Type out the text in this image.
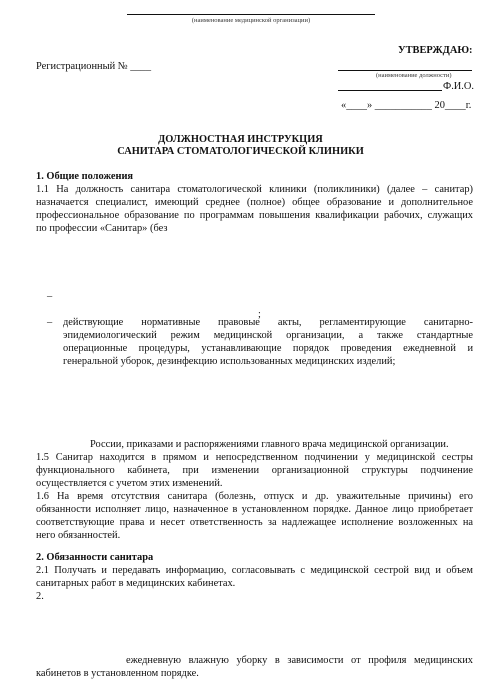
(наименование медицинской организации)
Регистрационный № ____
УТВЕРЖДАЮ:
(наименование должности)
Ф.И.О.
«____» ___________ 20____г.
ДОЛЖНОСТНАЯ ИНСТРУКЦИЯ
САНИТАРА СТОМАТОЛОГИЧЕСКОЙ КЛИНИКИ
1. Общие положения
1.1 На должность санитара стоматологической клиники (поликлиники) (далее – санитар)
назначается специалист, имеющий среднее (полное) общее образование и дополнительное
профессиональное образование по программам повышения квалификации рабочих, служащих
по профессии «Санитар» (без
–
;
– действующие нормативные правовые акты, регламентирующие санитарно-
эпидемиологический режим медицинской организации, а также стандартные
операционные процедуры, устанавливающие порядок проведения ежедневной и
генеральной уборок, дезинфекцию использованных медицинских изделий;
России, приказами и распоряжениями главного врача медицинской организации.
1.5 Санитар находится в прямом и непосредственном подчинении у медицинской сестры
функционального кабинета, при изменении организационной структуры подчинение
осуществляется с учетом этих изменений.
1.6 На время отсутствия санитара (болезнь, отпуск и др. уважительные причины) его
обязанности исполняет лицо, назначенное в установленном порядке. Данное лицо приобретает
соответствующие права и несет ответственность за надлежащее исполнение возложенных на
него обязанностей.
2. Обязанности санитара
2.1 Получать и передавать информацию, согласовывать с медицинской сестрой вид и объем
санитарных работ в медицинских кабинетах.
2.
ежедневную влажную уборку в зависимости от профиля медицинских
кабинетов в установленном порядке.
